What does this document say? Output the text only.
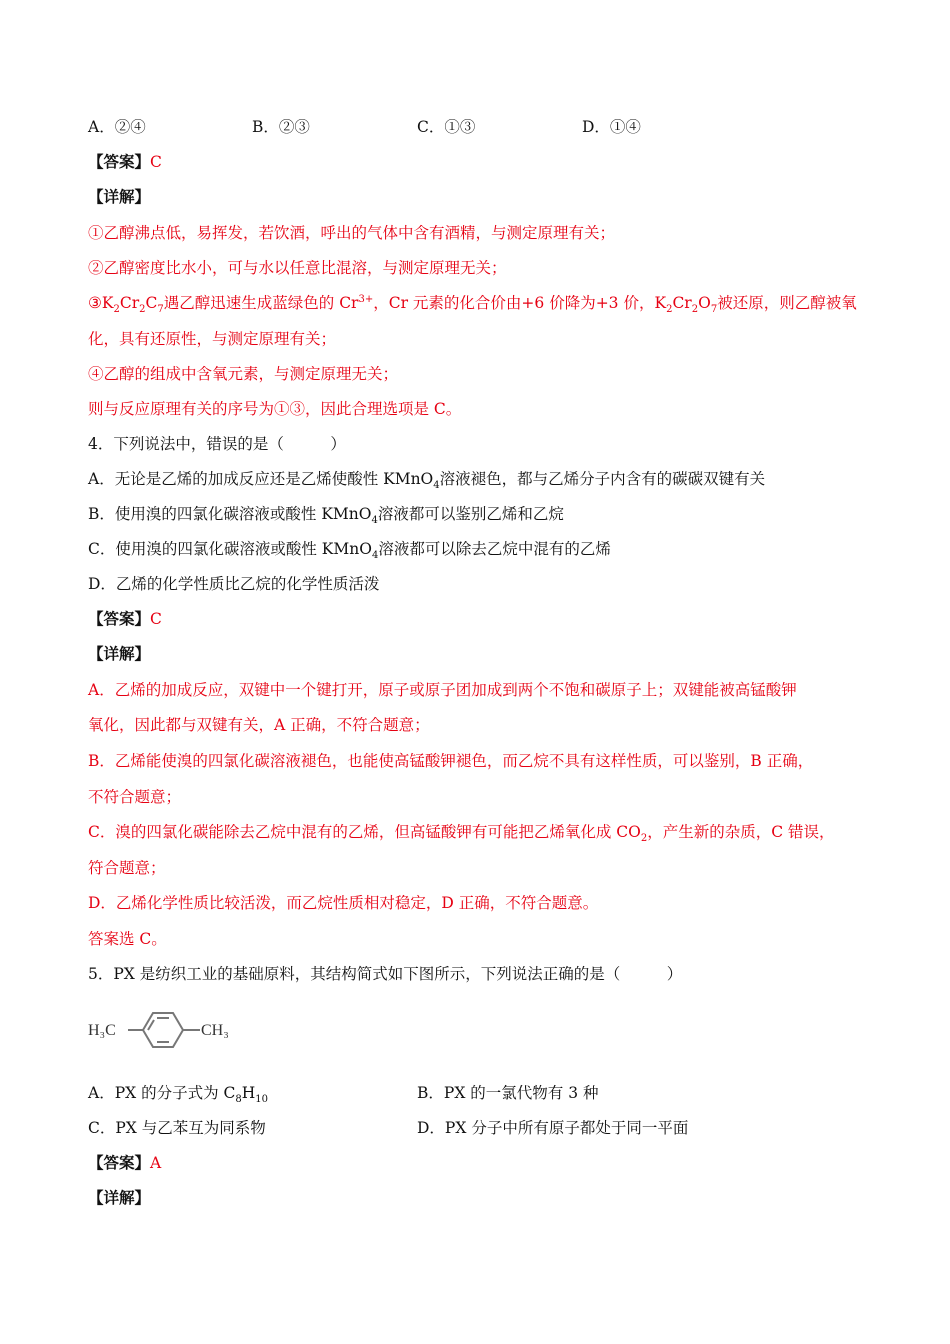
A．②④	B．②③	C．①③	D．①④
【答案】C
【详解】
①乙醇沸点低，易挥发，若饮酒，呼出的气体中含有酒精，与测定原理有关；
②乙醇密度比水小，可与水以任意比混溶，与测定原理无关；
$③K_2Cr_2C_7$遇乙醇迅速生成蓝绿色的 $Cr^{3+}$，Cr 元素的化合价由+6 价降为+3 价，$K_2Cr_2O_7$被还原，则乙醇被氧
化，具有还原性，与测定原理有关；
④乙醇的组成中含氧元素，与测定原理无关；
则与反应原理有关的序号为①③，因此合理选项是 C。
4．下列说法中，错误的是（　　　）
A．无论是乙烯的加成反应还是乙烯使酸性 KMnO$_4$溶液褪色，都与乙烯分子内含有的碳碳双键有关
B．使用溴的四氯化碳溶液或酸性 KMnO$_4$溶液都可以鉴别乙烯和乙烷
C．使用溴的四氯化碳溶液或酸性 KMnO$_4$溶液都可以除去乙烷中混有的乙烯
D．乙烯的化学性质比乙烷的化学性质活泼
【答案】C
【详解】
A．乙烯的加成反应，双键中一个键打开，原子或原子团加成到两个不饱和碳原子上；双键能被高锰酸钾
氧化，因此都与双键有关，A 正确，不符合题意；
B．乙烯能使溴的四氯化碳溶液褪色，也能使高锰酸钾褪色，而乙烷不具有这样性质，可以鉴别，B 正确，
不符合题意；
C．溴的四氯化碳能除去乙烷中混有的乙烯，但高锰酸钾有可能把乙烯氧化成 $CO_2$，产生新的杂质，C 错误，
符合题意；
D．乙烯化学性质比较活泼，而乙烷性质相对稳定，D 正确，不符合题意。
答案选 C。
5．PX 是纺织工业的基础原料，其结构简式如下图所示，下列说法正确的是（　　　）
H₃C	CH₃
A．PX 的分子式为 $C_8H_{10}$	B．PX 的一氯代物有 3 种
C．PX 与乙苯互为同系物	D．PX 分子中所有原子都处于同一平面
【答案】A
【详解】
